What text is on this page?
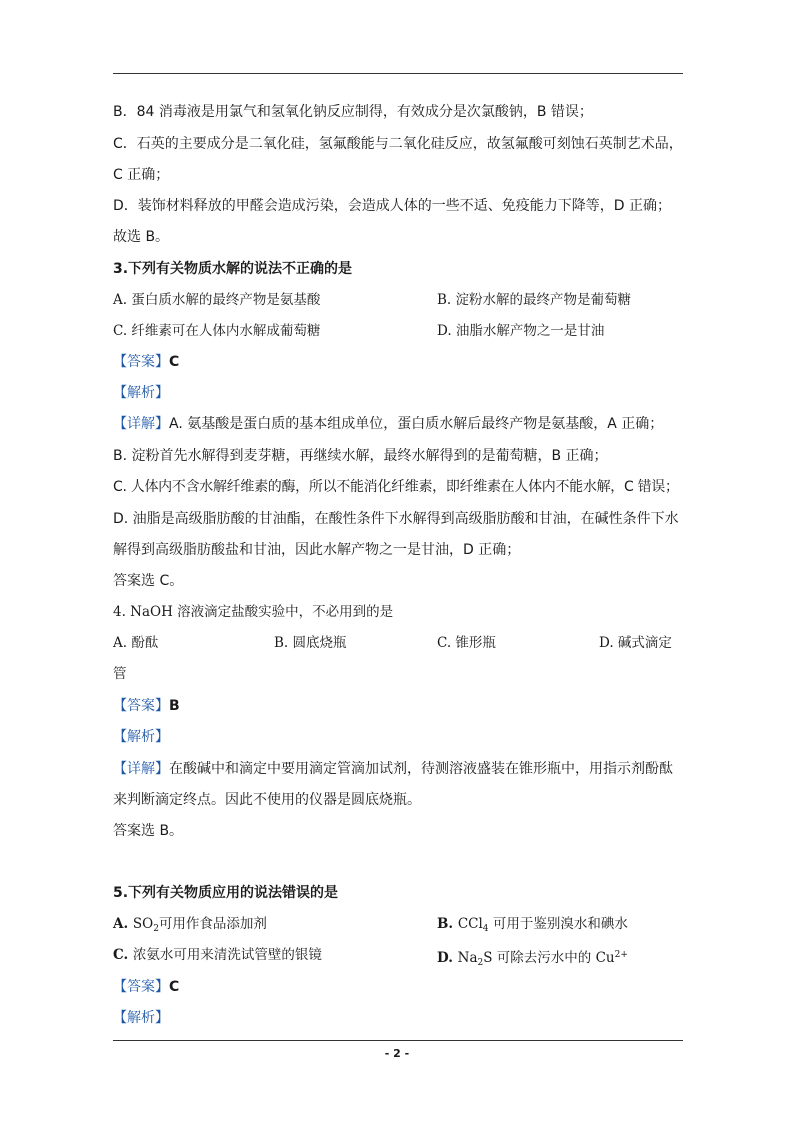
B．84 消毒液是用氯气和氢氧化钠反应制得，有效成分是次氯酸钠，B 错误；
C．石英的主要成分是二氧化硅，氢氟酸能与二氧化硅反应，故氢氟酸可刻蚀石英制艺术品，
C 正确；
D．装饰材料释放的甲醛会造成污染，会造成人体的一些不适、免疫能力下降等，D 正确；
故选 B。
3.下列有关物质水解的说法不正确的是
A. 蛋白质水解的最终产物是氨基酸	B. 淀粉水解的最终产物是葡萄糖
C. 纤维素可在人体内水解成葡萄糖	D. 油脂水解产物之一是甘油
【答案】C
【解析】
【详解】A. 氨基酸是蛋白质的基本组成单位，蛋白质水解后最终产物是氨基酸，A 正确；
B. 淀粉首先水解得到麦芽糖，再继续水解，最终水解得到的是葡萄糖，B 正确；
C. 人体内不含水解纤维素的酶，所以不能消化纤维素，即纤维素在人体内不能水解，C 错误；
D. 油脂是高级脂肪酸的甘油酯，在酸性条件下水解得到高级脂肪酸和甘油，在碱性条件下水
解得到高级脂肪酸盐和甘油，因此水解产物之一是甘油，D 正确；
答案选 C。
4. NaOH 溶液滴定盐酸实验中，不必用到的是
A. 酚酞	B. 圆底烧瓶	C. 锥形瓶	D. 碱式滴定
管
【答案】B
【解析】
【详解】在酸碱中和滴定中要用滴定管滴加试剂，待测溶液盛装在锥形瓶中，用指示剂酚酞
来判断滴定终点。因此不使用的仪器是圆底烧瓶。
答案选 B。
5.下列有关物质应用的说法错误的是
A. $SO_2$可用作食品添加剂	B. CCl$_4$ 可用于鉴别溴水和碘水
C. 浓氨水可用来清洗试管壁的银镜	D. $Na_2S$ 可除去污水中的 $Cu^{2+}$
【答案】C
【解析】
- 2 -
